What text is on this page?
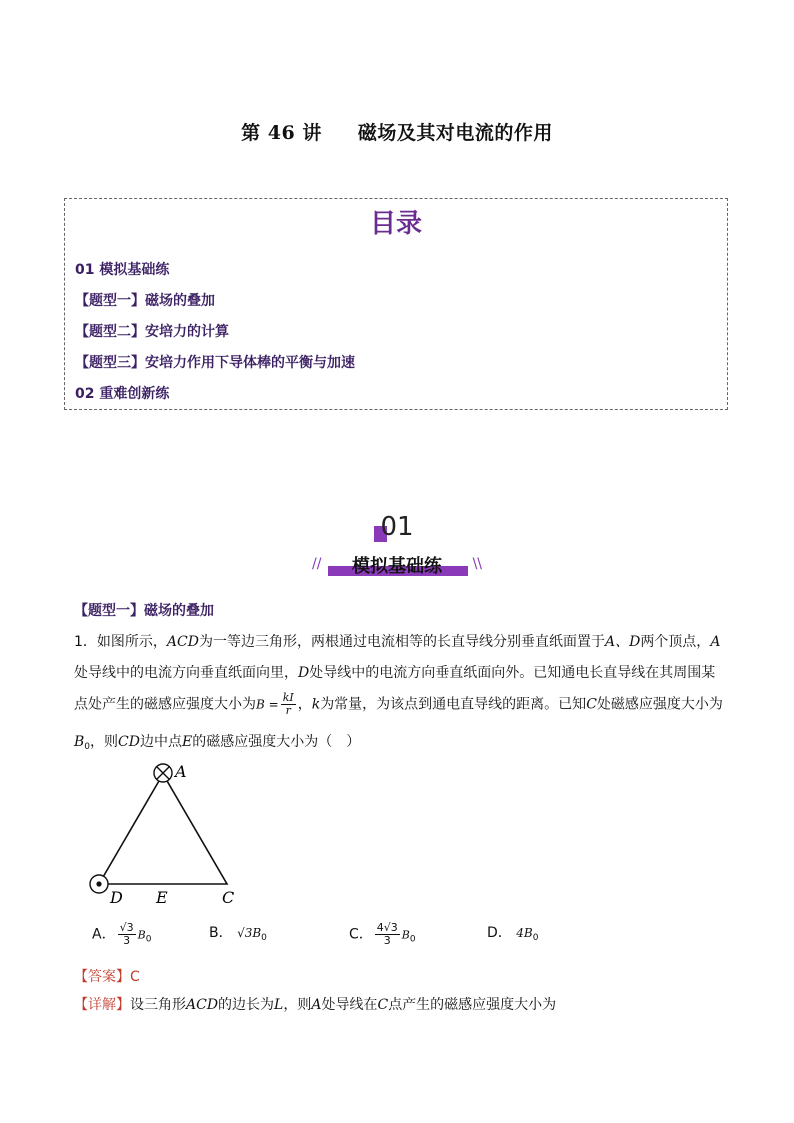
第 46 讲 磁场及其对电流的作用
目录
01 模拟基础练
【题型一】磁场的叠加
【题型二】安培力的计算
【题型三】安培力作用下导体棒的平衡与加速
02 重难创新练
01
//	模拟基础练	\\
【题型一】磁场的叠加
1．如图所示，ACD为一等边三角形，两根通过电流相等的长直导线分别垂直纸面置于A、D两个顶点，A
处导线中的电流方向垂直纸面向里，D处导线中的电流方向垂直纸面向外。已知通电长直导线在其周围某
点处产生的磁感应强度大小为$B = \frac{kI}{r}$ ，k为常量，为该点到通电直导线的距离。已知C处磁感应强度大小为
$B_0$，则CD边中点E的磁感应强度大小为（　）
A
D E	C
A． $\frac{√3}{3} B_0$	B． $√3B_0$	C． $\frac{4√3}{3} B_0$	D． $4B_0$
【答案】C
【详解】设三角形ACD的边长为L，则A处导线在C点产生的磁感应强度大小为
